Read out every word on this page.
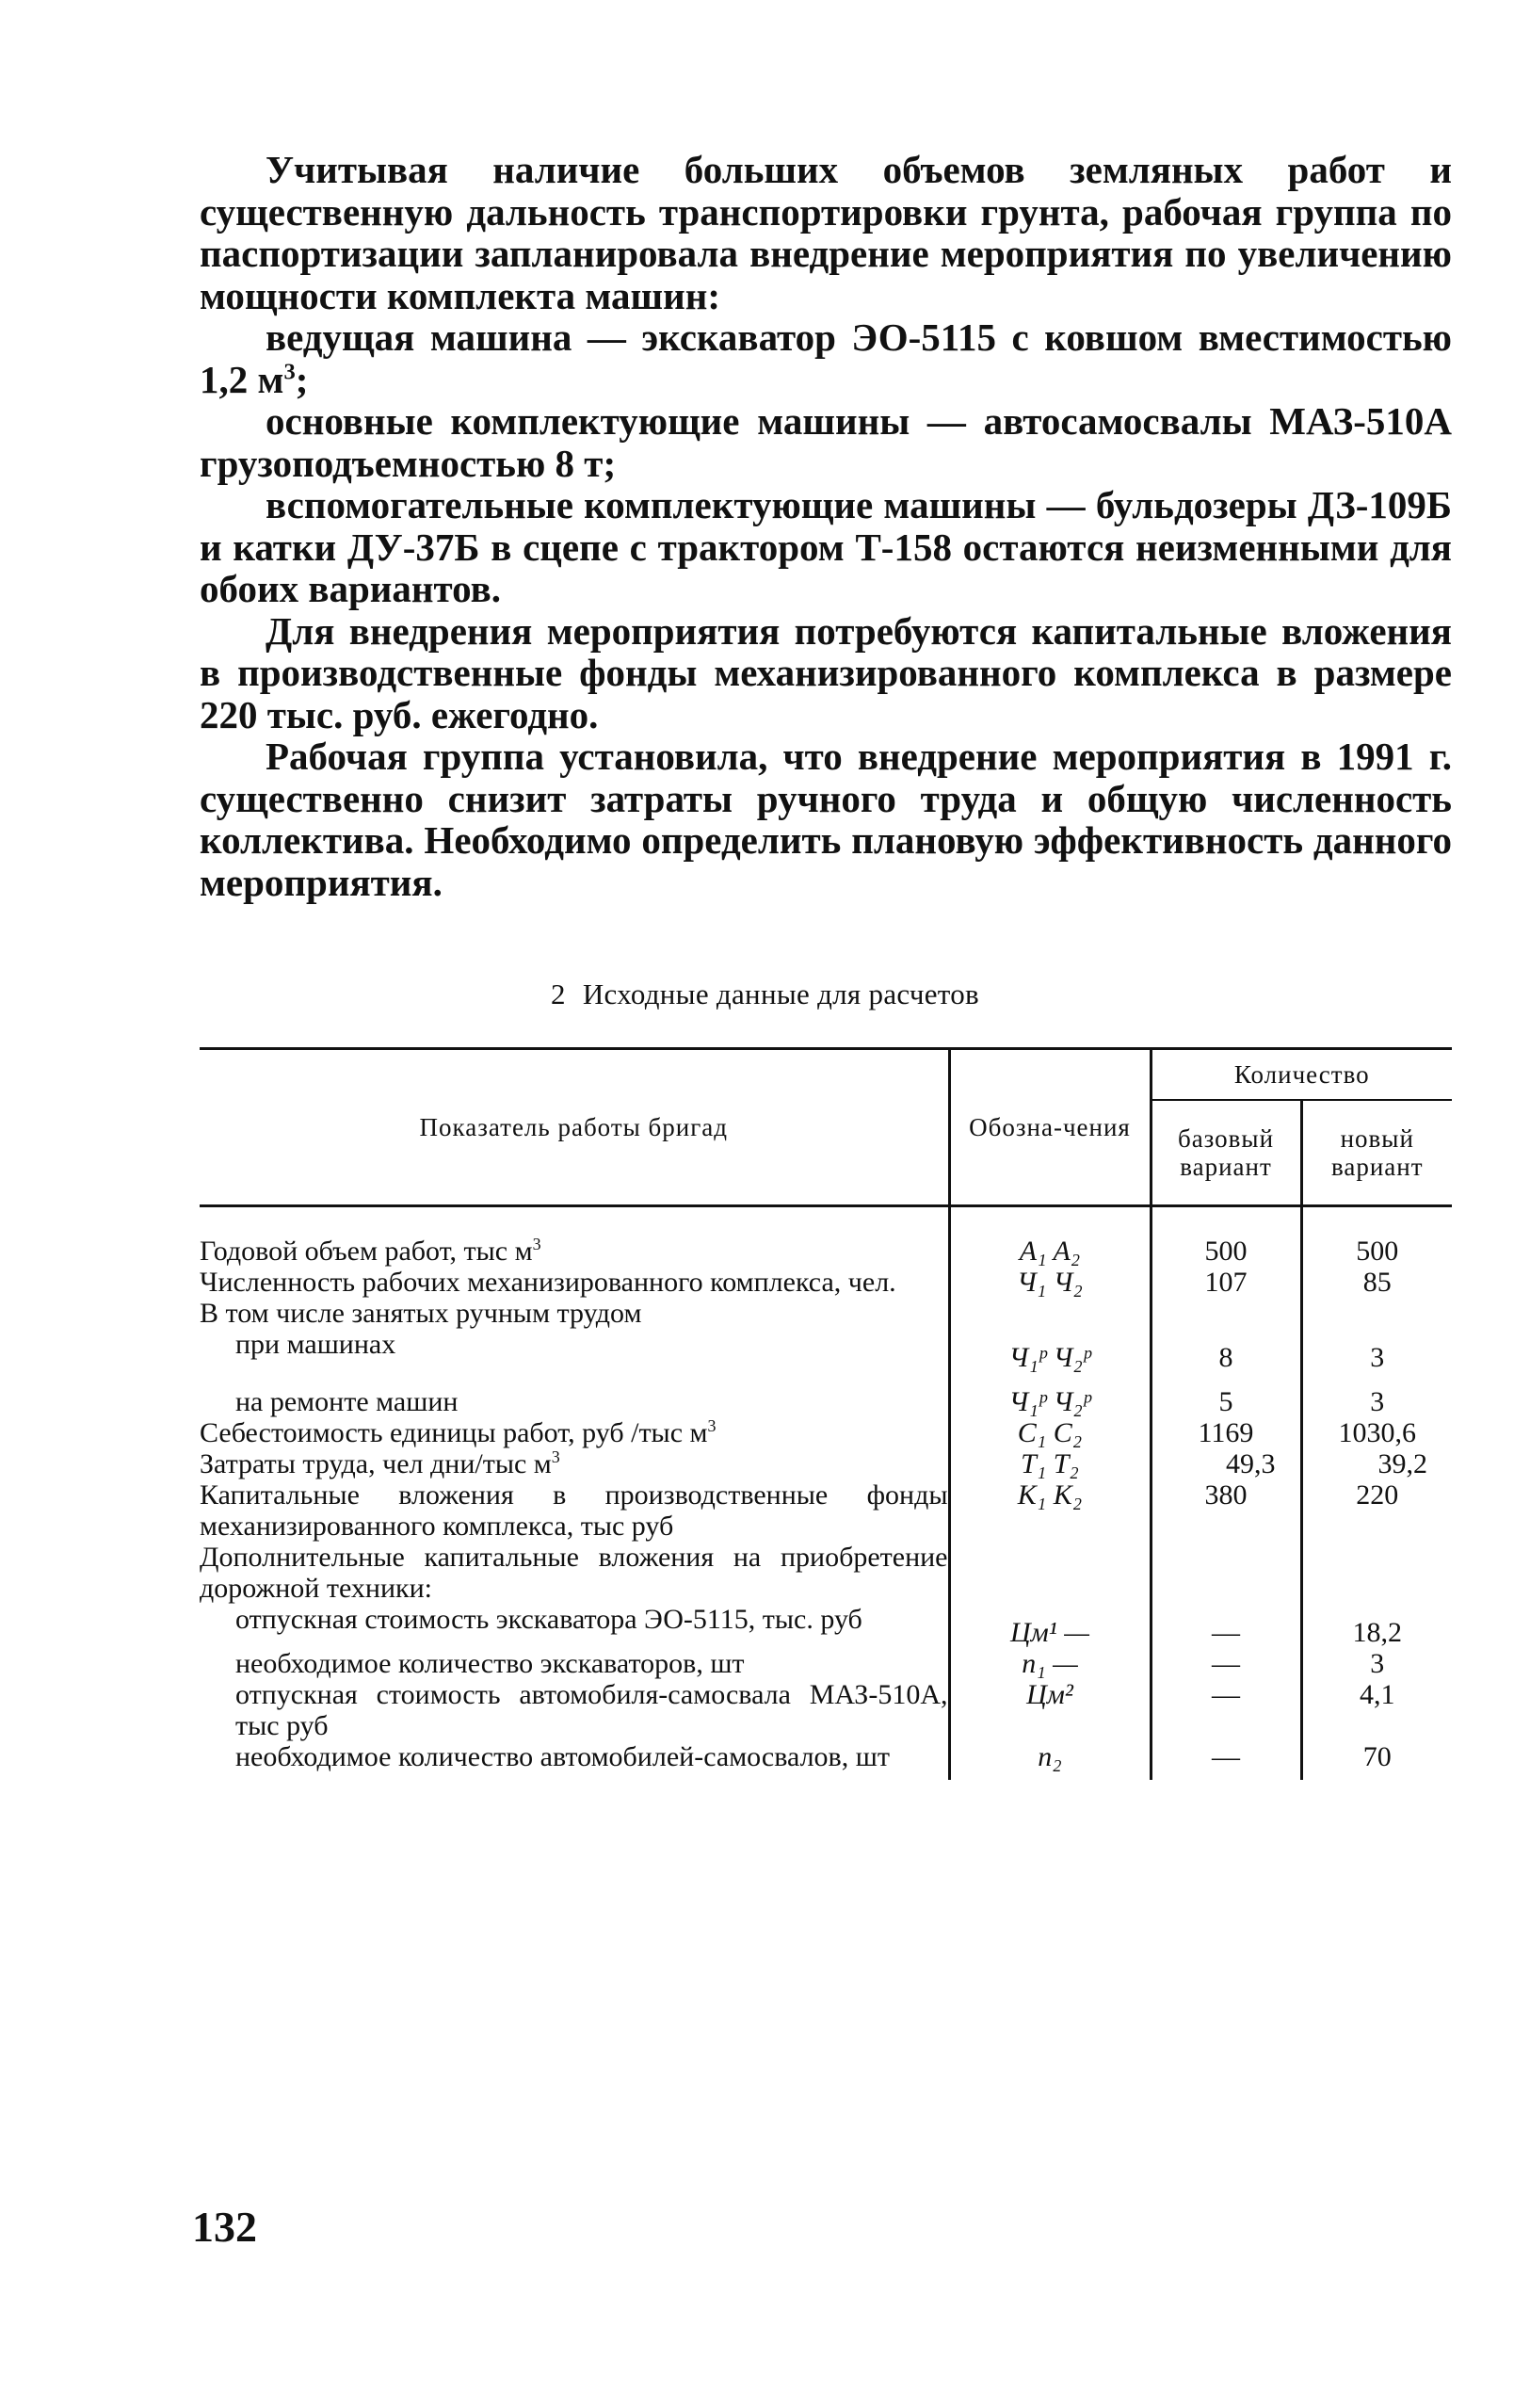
Учитывая наличие больших объемов земляных работ и существенную дальность транспортировки грунта, рабочая группа по паспортизации запланировала внедрение мероприятия по увеличению мощности комплекта машин:

ведущая машина — экскаватор ЭО-5115 с ковшом вместимостью 1,2 $м^3$;

основные комплектующие машины — автосамосвалы МАЗ-510А грузоподъемностью 8 т;

вспомогательные комплектующие машины — бульдозеры ДЗ-109Б и катки ДУ-37Б в сцепе с трактором Т-158 остаются неизменными для обоих вариантов.

Для внедрения мероприятия потребуются капитальные вложения в производственные фонды механизированного комплекса в размере 220 тыс. руб. ежегодно.

Рабочая группа установила, что внедрение мероприятия в 1991 г. существенно снизит затраты ручного труда и общую численность коллектива. Необходимо определить плановую эффективность данного мероприятия.

2 Исходные данные для расчетов
Показатель работы бригад	Обозна-чения	Количество	
		базовый вариант	новый вариант
Годовой объем работ, тыс $м^3$	A₁ A₂	500	500
Численность рабочих механизированного комплекса, чел.	Ч₁ Ч₂	107	85
В том числе занятых ручным трудом			
при машинах	Ч₁ᵖ Ч₂ᵖ	8	3
на ремонте машин	Ч₁ᵖ Ч₂ᵖ	5	3
Себестоимость единицы работ, руб /тыс $м^3$	C₁ C₂	1169	1030,6
Затраты труда, чел дни/тыс $м^3$	T₁ T₂	49,3	39,2
Капитальные вложения в производственные фонды механизированного комплекса, тыс руб	K₁ K₂	380	220
Дополнительные капитальные вложения на приобретение дорожной техники:			
отпускная стоимость экскаватора ЭО-5115, тыс. руб	Цм¹ —	—	18,2
необходимое количество экскаваторов, шт	n₁ —	—	3
отпускная стоимость автомобиля-самосвала МАЗ-510А, тыс руб	Цм²	—	4,1
необходимое количество автомобилей-самосвалов, шт	n₂	—	70
132
